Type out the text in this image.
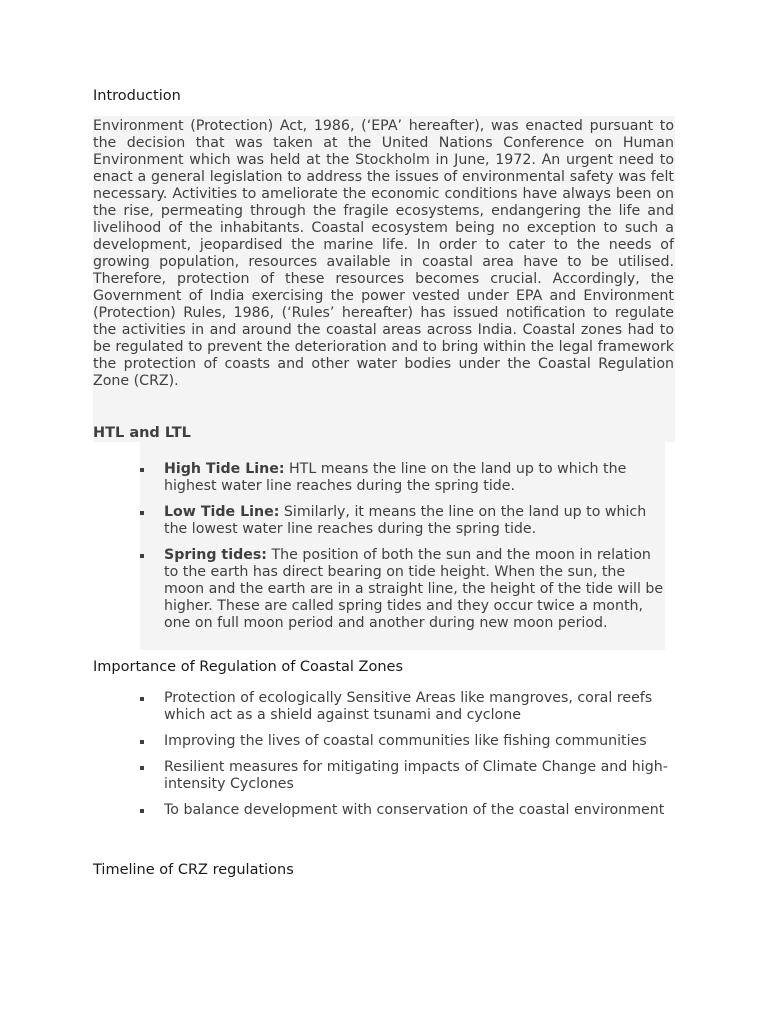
Introduction

Environment (Protection) Act, 1986, (‘EPA’ hereafter), was enacted pursuant to the decision that was taken at the United Nations Conference on Human Environment which was held at the Stockholm in June, 1972. An urgent need to enact a general legislation to address the issues of environmental safety was felt necessary. Activities to ameliorate the economic conditions have always been on the rise, permeating through the fragile ecosystems, endangering the life and livelihood of the inhabitants. Coastal ecosystem being no exception to such a development, jeopardised the marine life. In order to cater to the needs of growing population, resources available in coastal area have to be utilised. Therefore, protection of these resources becomes crucial. Accordingly, the Government of India exercising the power vested under EPA and Environment (Protection) Rules, 1986, (‘Rules’ hereafter) has issued notification to regulate the activities in and around the coastal areas across India. Coastal zones had to be regulated to prevent the deterioration and to bring within the legal framework the protection of coasts and other water bodies under the Coastal Regulation Zone (CRZ).

HTL and LTL
High Tide Line: HTL means the line on the land up to which the highest water line reaches during the spring tide.
Low Tide Line: Similarly, it means the line on the land up to which the lowest water line reaches during the spring tide.
Spring tides: The position of both the sun and the moon in relation to the earth has direct bearing on tide height. When the sun, the moon and the earth are in a straight line, the height of the tide will be higher. These are called spring tides and they occur twice a month, one on full moon period and another during new moon period.
Importance of Regulation of Coastal Zones
Protection of ecologically Sensitive Areas like mangroves, coral reefs which act as a shield against tsunami and cyclone
Improving the lives of coastal communities like fishing communities
Resilient measures for mitigating impacts of Climate Change and high-intensity Cyclones
To balance development with conservation of the coastal environment
Timeline of CRZ regulations
